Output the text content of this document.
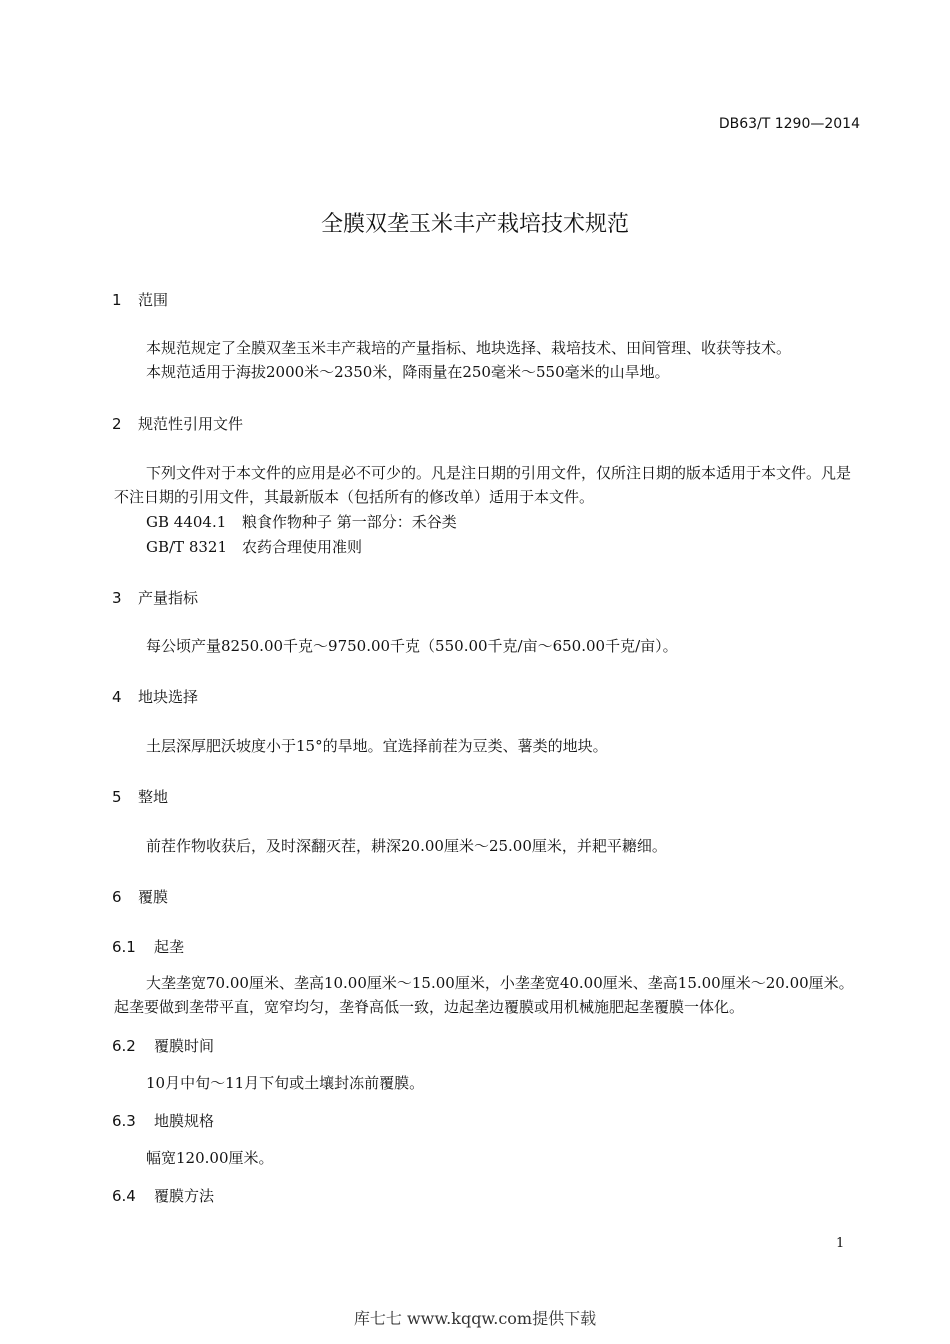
DB63/T 1290—2014
全膜双垄玉米丰产栽培技术规范
1 范围
本规范规定了全膜双垄玉米丰产栽培的产量指标、地块选择、栽培技术、田间管理、收获等技术。
本规范适用于海拔2000米～2350米，降雨量在250毫米～550毫米的山旱地。
2 规范性引用文件
下列文件对于本文件的应用是必不可少的。凡是注日期的引用文件，仅所注日期的版本适用于本文件。凡是不注日期的引用文件，其最新版本（包括所有的修改单）适用于本文件。
GB 4404.1 粮食作物种子 第一部分：禾谷类
GB/T 8321 农药合理使用准则
3 产量指标
每公顷产量8250.00千克～9750.00千克（550.00千克/亩～650.00千克/亩）。
4 地块选择
土层深厚肥沃坡度小于15°的旱地。宜选择前茬为豆类、薯类的地块。
5 整地
前茬作物收获后，及时深翻灭茬，耕深20.00厘米～25.00厘米，并耙平耱细。
6 覆膜
6.1 起垄
大垄垄宽70.00厘米、垄高10.00厘米～15.00厘米，小垄垄宽40.00厘米、垄高15.00厘米～20.00厘米。起垄要做到垄带平直，宽窄均匀，垄脊高低一致，边起垄边覆膜或用机械施肥起垄覆膜一体化。
6.2 覆膜时间
10月中旬～11月下旬或土壤封冻前覆膜。
6.3 地膜规格
幅宽120.00厘米。
6.4 覆膜方法
1
库七七 www.kqqw.com提供下载
